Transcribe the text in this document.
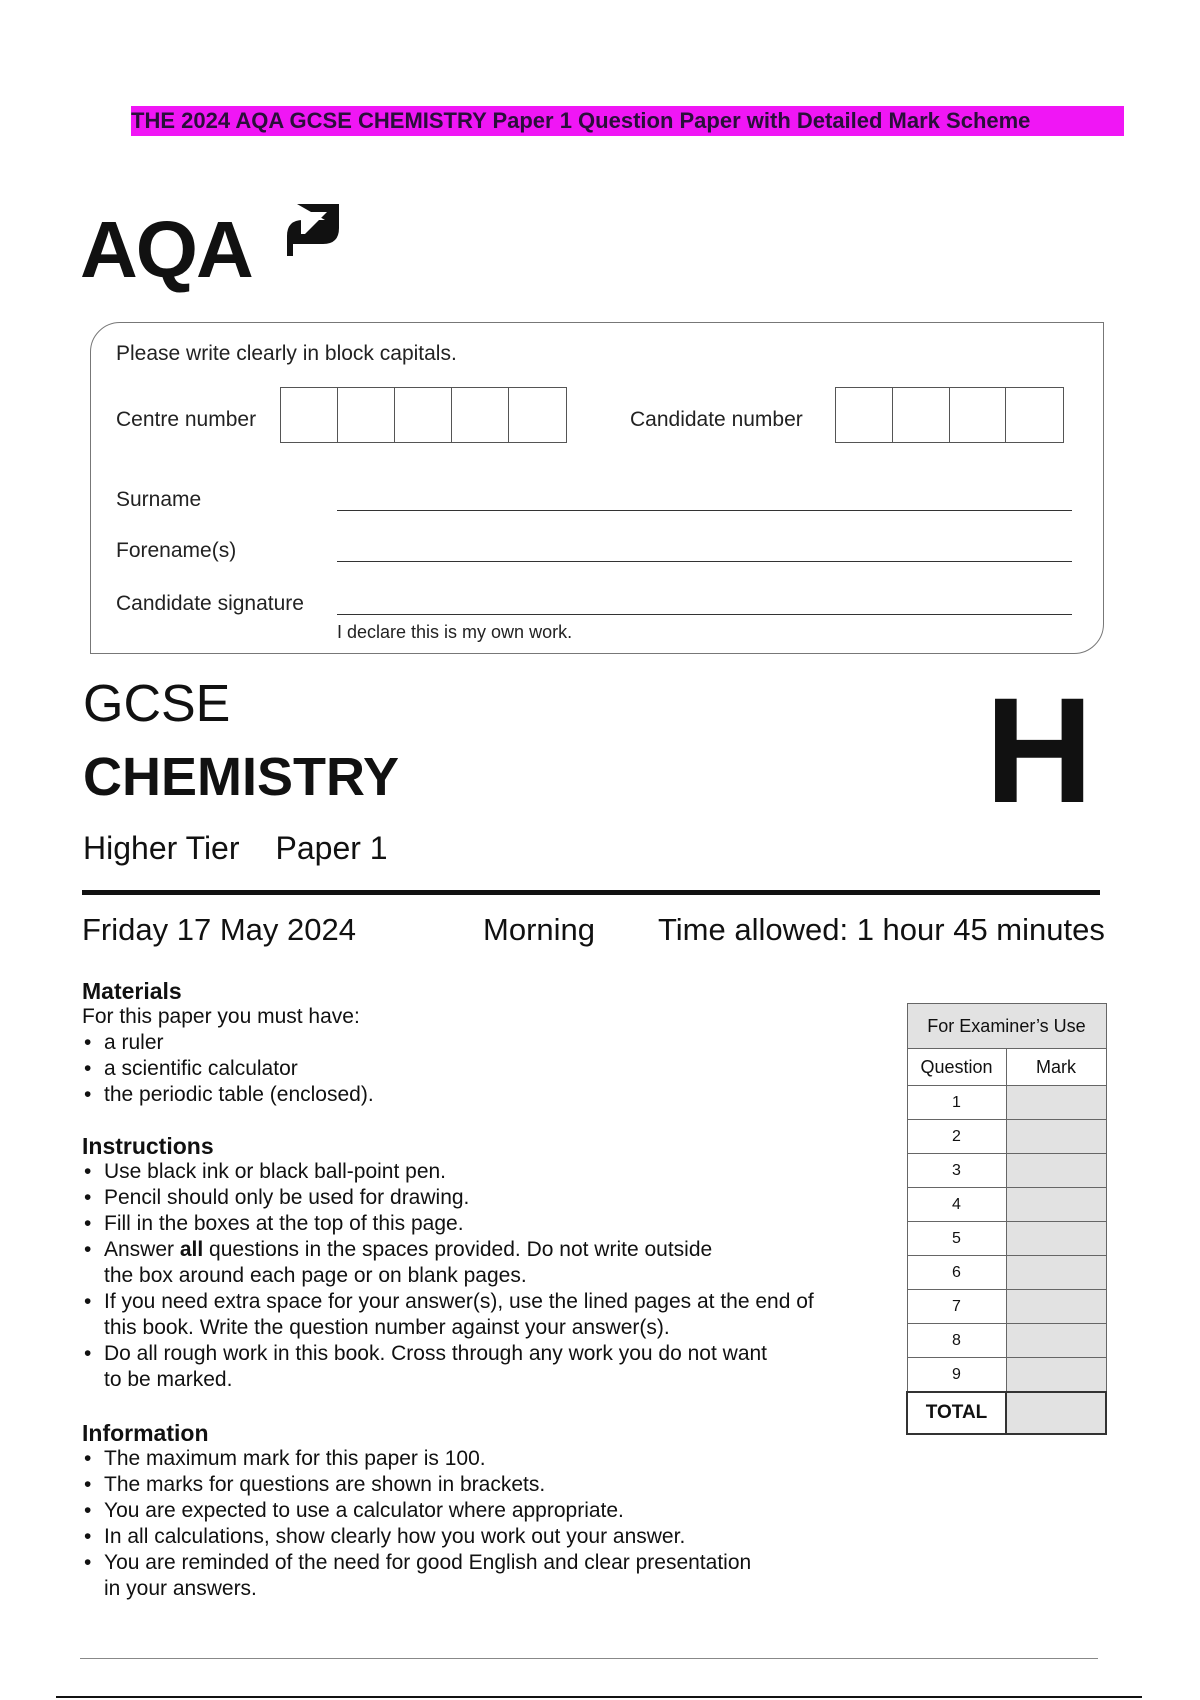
THE 2024 AQA GCSE CHEMISTRY Paper 1 Question Paper with Detailed Mark Scheme
AQA
Please write clearly in block capitals.
Centre number	Candidate number
Surname
Forename(s)
Candidate signature
I declare this is my own work.
GCSE
CHEMISTRY
Higher Tier Paper 1
H
Friday 17 May 2024	Morning Time allowed: 1 hour 45 minutes
Materials
For this paper you must have:
• a ruler
• a scientific calculator
• the periodic table (enclosed).
Instructions
• Use black ink or black ball-point pen.
• Pencil should only be used for drawing.
• Fill in the boxes at the top of this page.
• Answer all questions in the spaces provided. Do not write outside
the box around each page or on blank pages.
• If you need extra space for your answer(s), use the lined pages at the end of
this book. Write the question number against your answer(s).
• Do all rough work in this book. Cross through any work you do not want
to be marked.
Information
• The maximum mark for this paper is 100.
• The marks for questions are shown in brackets.
• You are expected to use a calculator where appropriate.
• In all calculations, show clearly how you work out your answer.
• You are reminded of the need for good English and clear presentation
in your answers.
For Examiner’s Use	
Question	Mark
1	
2	
3	
4	
5	
6	
7	
8	
9	
TOTAL	
